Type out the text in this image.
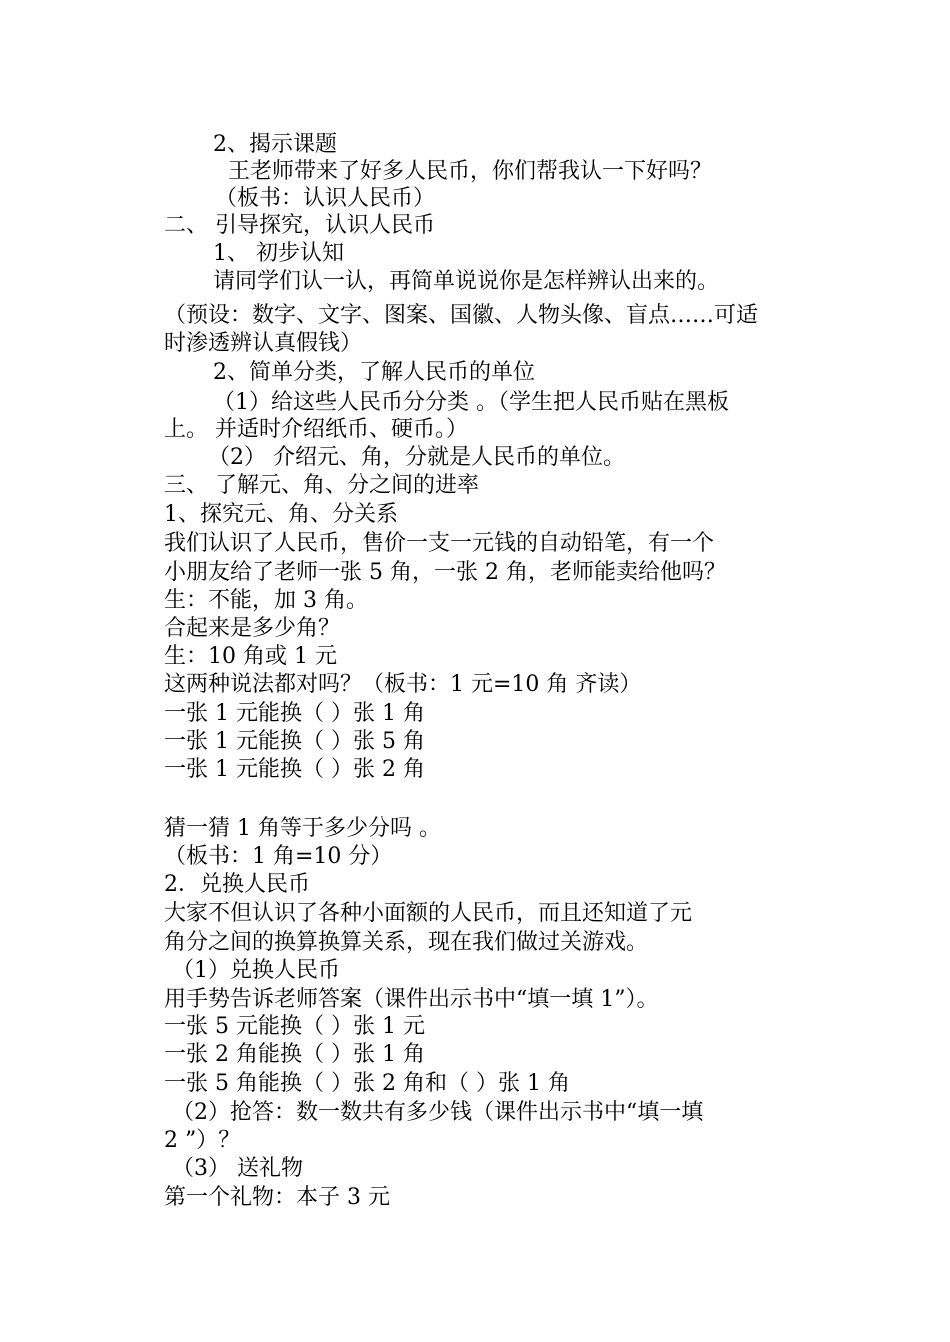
2、揭示课题
王老师带来了好多人民币，你们帮我认一下好吗？
（板书：认识人民币）
二、 引导探究，认识人民币
1、 初步认知
请同学们认一认，再简单说说你是怎样辨认出来的。
（预设：数字、文字、图案、国徽、人物头像、盲点……可适
时渗透辨认真假钱）
2、简单分类，了解人民币的单位
（1）给这些人民币分分类 。（学生把人民币贴在黑板
上。 并适时介绍纸币、硬币。）
（2） 介绍元、角，分就是人民币的单位。
三、 了解元、角、分之间的进率
1、探究元、角、分关系
我们认识了人民币，售价一支一元钱的自动铅笔，有一个
小朋友给了老师一张 5 角，一张 2 角，老师能卖给他吗？
生：不能，加 3 角。
合起来是多少角？
生：10 角或 1 元
这两种说法都对吗？（板书：1 元=10 角 齐读）
一张 1 元能换（ ）张 1 角
一张 1 元能换（ ）张 5 角
一张 1 元能换（ ）张 2 角
猜一猜 1 角等于多少分吗 。
（板书：1 角=10 分）
2．兑换人民币
大家不但认识了各种小面额的人民币，而且还知道了元
角分之间的换算换算关系，现在我们做过关游戏。
（1）兑换人民币
用手势告诉老师答案（课件出示书中“填一填 1”）。
一张 5 元能换（ ）张 1 元
一张 2 角能换（ ）张 1 角
一张 5 角能换（ ）张 2 角和（ ）张 1 角
（2）抢答：数一数共有多少钱（课件出示书中“填一填
2 ”）？
（3） 送礼物
第一个礼物：本子 3 元
